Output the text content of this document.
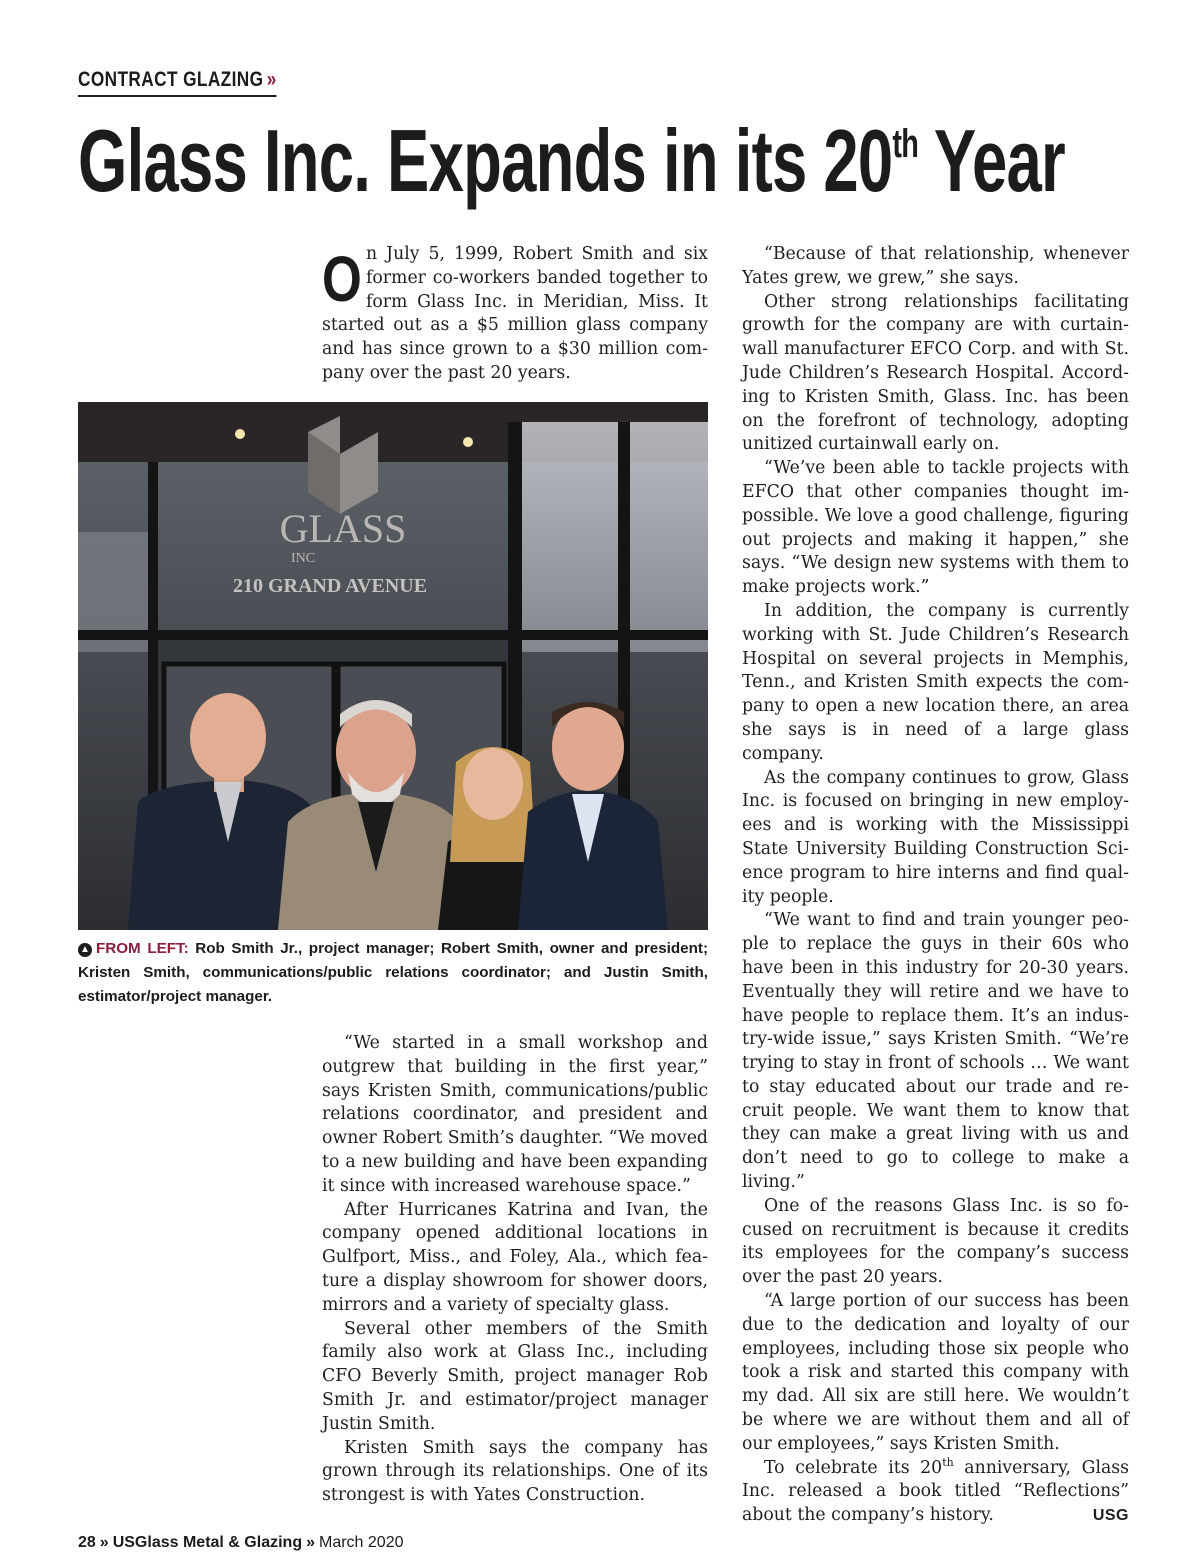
CONTRACT GLAZING »
Glass Inc. Expands in its 20th Year

On July 5, 1999, Robert Smith and six former co-workers banded together to form Glass Inc. in Meridian, Miss. It started out as a $5 million glass company and has since grown to a $30 million company over the past 20 years.

GLASS
INC
210 GRAND AVENUE
▲ FROM LEFT: Rob Smith Jr., project manager; Robert Smith, owner and president; Kristen Smith, communications/public relations coordinator; and Justin Smith, estimator/project manager.

“We started in a small workshop and outgrew that building in the first year,” says Kristen Smith, communications/public relations coordinator, and president and owner Robert Smith’s daughter. “We moved to a new building and have been expanding it since with increased warehouse space.”

After Hurricanes Katrina and Ivan, the company opened additional locations in Gulfport, Miss., and Foley, Ala., which feature a display showroom for shower doors, mirrors and a variety of specialty glass.

Several other members of the Smith family also work at Glass Inc., including CFO Beverly Smith, project manager Rob Smith Jr. and estimator/project manager Justin Smith.

Kristen Smith says the company has grown through its relationships. One of its strongest is with Yates Construction.

“Because of that relationship, whenever Yates grew, we grew,” she says.

Other strong relationships facilitating growth for the company are with curtainwall manufacturer EFCO Corp. and with St. Jude Children’s Research Hospital. According to Kristen Smith, Glass. Inc. has been on the forefront of technology, adopting unitized curtainwall early on.

“We’ve been able to tackle projects with EFCO that other companies thought impossible. We love a good challenge, figuring out projects and making it happen,” she says. “We design new systems with them to make projects work.”

In addition, the company is currently working with St. Jude Children’s Research Hospital on several projects in Memphis, Tenn., and Kristen Smith expects the company to open a new location there, an area she says is in need of a large glass company.

As the company continues to grow, Glass Inc. is focused on bringing in new employees and is working with the Mississippi State University Building Construction Science program to hire interns and find quality people.

“We want to find and train younger people to replace the guys in their 60s who have been in this industry for 20-30 years. Eventually they will retire and we have to have people to replace them. It’s an industry-wide issue,” says Kristen Smith. “We’re trying to stay in front of schools … We want to stay educated about our trade and recruit people. We want them to know that they can make a great living with us and don’t need to go to college to make a living.”

One of the reasons Glass Inc. is so focused on recruitment is because it credits its employees for the company’s success over the past 20 years.

“A large portion of our success has been due to the dedication and loyalty of our employees, including those six people who took a risk and started this company with my dad. All six are still here. We wouldn’t be where we are without them and all of our employees,” says Kristen Smith.

To celebrate its 20th anniversary, Glass Inc. released a book titled “Reflections” about the company’s history.	USG

28 » USGlass Metal & Glazing » March 2020
